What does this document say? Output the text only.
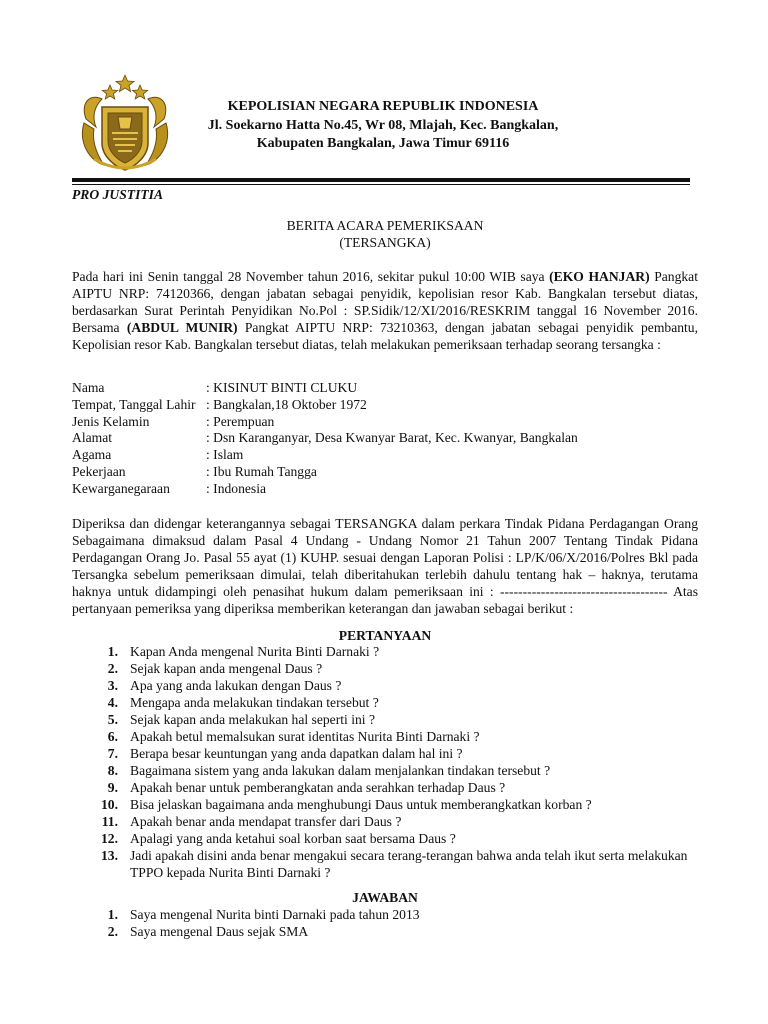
KEPOLISIAN NEGARA REPUBLIK INDONESIA
Jl. Soekarno Hatta No.45, Wr 08, Mlajah, Kec. Bangkalan,
Kabupaten Bangkalan, Jawa Timur 69116
PRO JUSTITIA
BERITA ACARA PEMERIKSAAN
(TERSANGKA)
Pada hari ini Senin tanggal 28 November tahun 2016, sekitar pukul 10:00 WIB saya (EKO HANJAR) Pangkat AIPTU NRP: 74120366, dengan jabatan sebagai penyidik, kepolisian resor Kab. Bangkalan tersebut diatas, berdasarkan Surat Perintah Penyidikan No.Pol : SP.Sidik/12/XI/2016/RESKRIM tanggal 16 November 2016. Bersama (ABDUL MUNIR) Pangkat AIPTU NRP: 73210363, dengan jabatan sebagai penyidik pembantu, Kepolisian resor Kab. Bangkalan tersebut diatas, telah melakukan pemeriksaan terhadap seorang tersangka :
Nama	: KISINUT BINTI CLUKU
Tempat, Tanggal Lahir : Bangkalan,18 Oktober 1972
Jenis Kelamin	: Perempuan
Alamat	: Dsn Karanganyar, Desa Kwanyar Barat, Kec. Kwanyar, Bangkalan
Agama	: Islam
Pekerjaan	: Ibu Rumah Tangga
Kewarganegaraan	: Indonesia
Diperiksa dan didengar keterangannya sebagai TERSANGKA dalam perkara Tindak Pidana Perdagangan Orang Sebagaimana dimaksud dalam Pasal 4 Undang - Undang Nomor 21 Tahun 2007 Tentang Tindak Pidana Perdagangan Orang Jo. Pasal 55 ayat (1) KUHP. sesuai dengan Laporan Polisi : LP/K/06/X/2016/Polres Bkl pada Tersangka sebelum pemeriksaan dimulai, telah diberitahukan terlebih dahulu tentang hak – haknya, terutama haknya untuk didampingi oleh penasihat hukum dalam pemeriksaan ini : ------------------------------------- Atas pertanyaan pemeriksa yang diperiksa memberikan keterangan dan jawaban sebagai berikut :
PERTANYAAN
1. Kapan Anda mengenal Nurita Binti Darnaki ?
2. Sejak kapan anda mengenal Daus ?
3. Apa yang anda lakukan dengan Daus ?
4. Mengapa anda melakukan tindakan tersebut ?
5. Sejak kapan anda melakukan hal seperti ini ?
6. Apakah betul memalsukan surat identitas Nurita Binti Darnaki ?
7. Berapa besar keuntungan yang anda dapatkan dalam hal ini ?
8. Bagaimana sistem yang anda lakukan dalam menjalankan tindakan tersebut ?
9. Apakah benar untuk pemberangkatan anda serahkan terhadap Daus ?
10. Bisa jelaskan bagaimana anda menghubungi Daus untuk memberangkatkan korban ?
11. Apakah benar anda mendapat transfer dari Daus ?
12. Apalagi yang anda ketahui soal korban saat bersama Daus ?
13. Jadi apakah disini anda benar mengakui secara terang-terangan bahwa anda telah ikut serta melakukan TPPO kepada Nurita Binti Darnaki ?
JAWABAN
1. Saya mengenal Nurita binti Darnaki pada tahun 2013
2. Saya mengenal Daus sejak SMA
